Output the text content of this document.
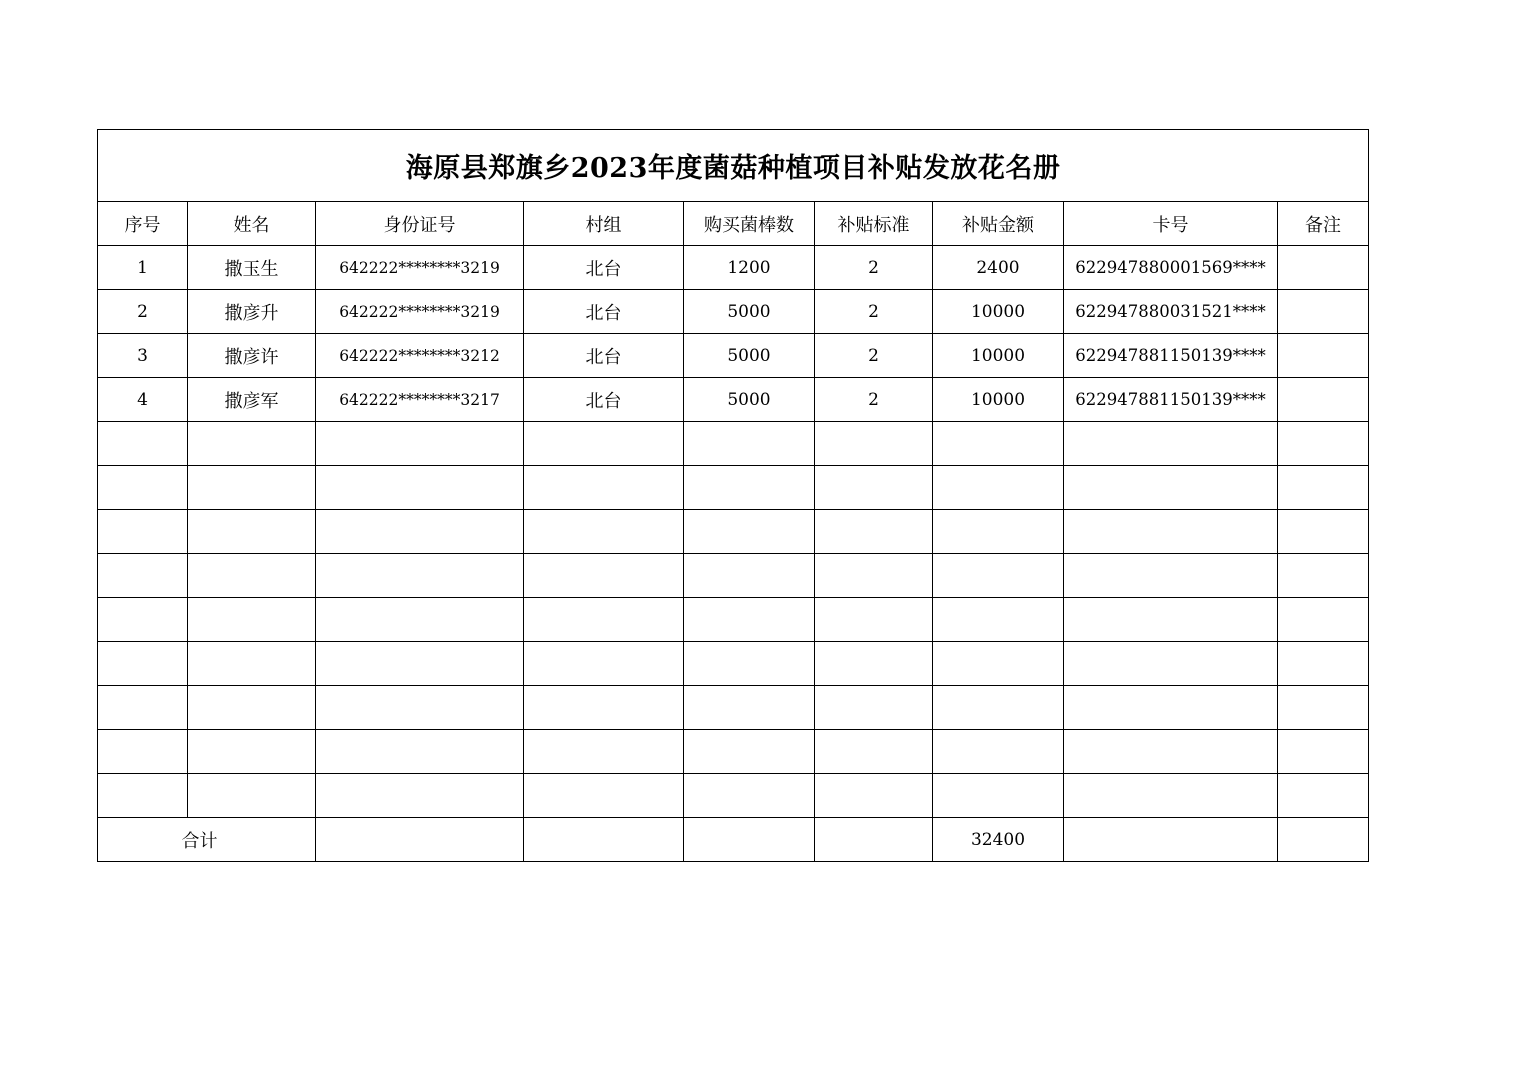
海原县郑旗乡2023年度菌菇种植项目补贴发放花名册								
序号	姓名	身份证号	村组	购买菌棒数	补贴标准	补贴金额	卡号	备注
1	撒玉生	642222********3219	北台	1200	2	2400	622947880001569****	
2	撒彦升	642222********3219	北台	5000	2	10000	622947880031521****	
3	撒彦许	642222********3212	北台	5000	2	10000	622947881150139****	
4	撒彦军	642222********3217	北台	5000	2	10000	622947881150139****	

合计						32400		
